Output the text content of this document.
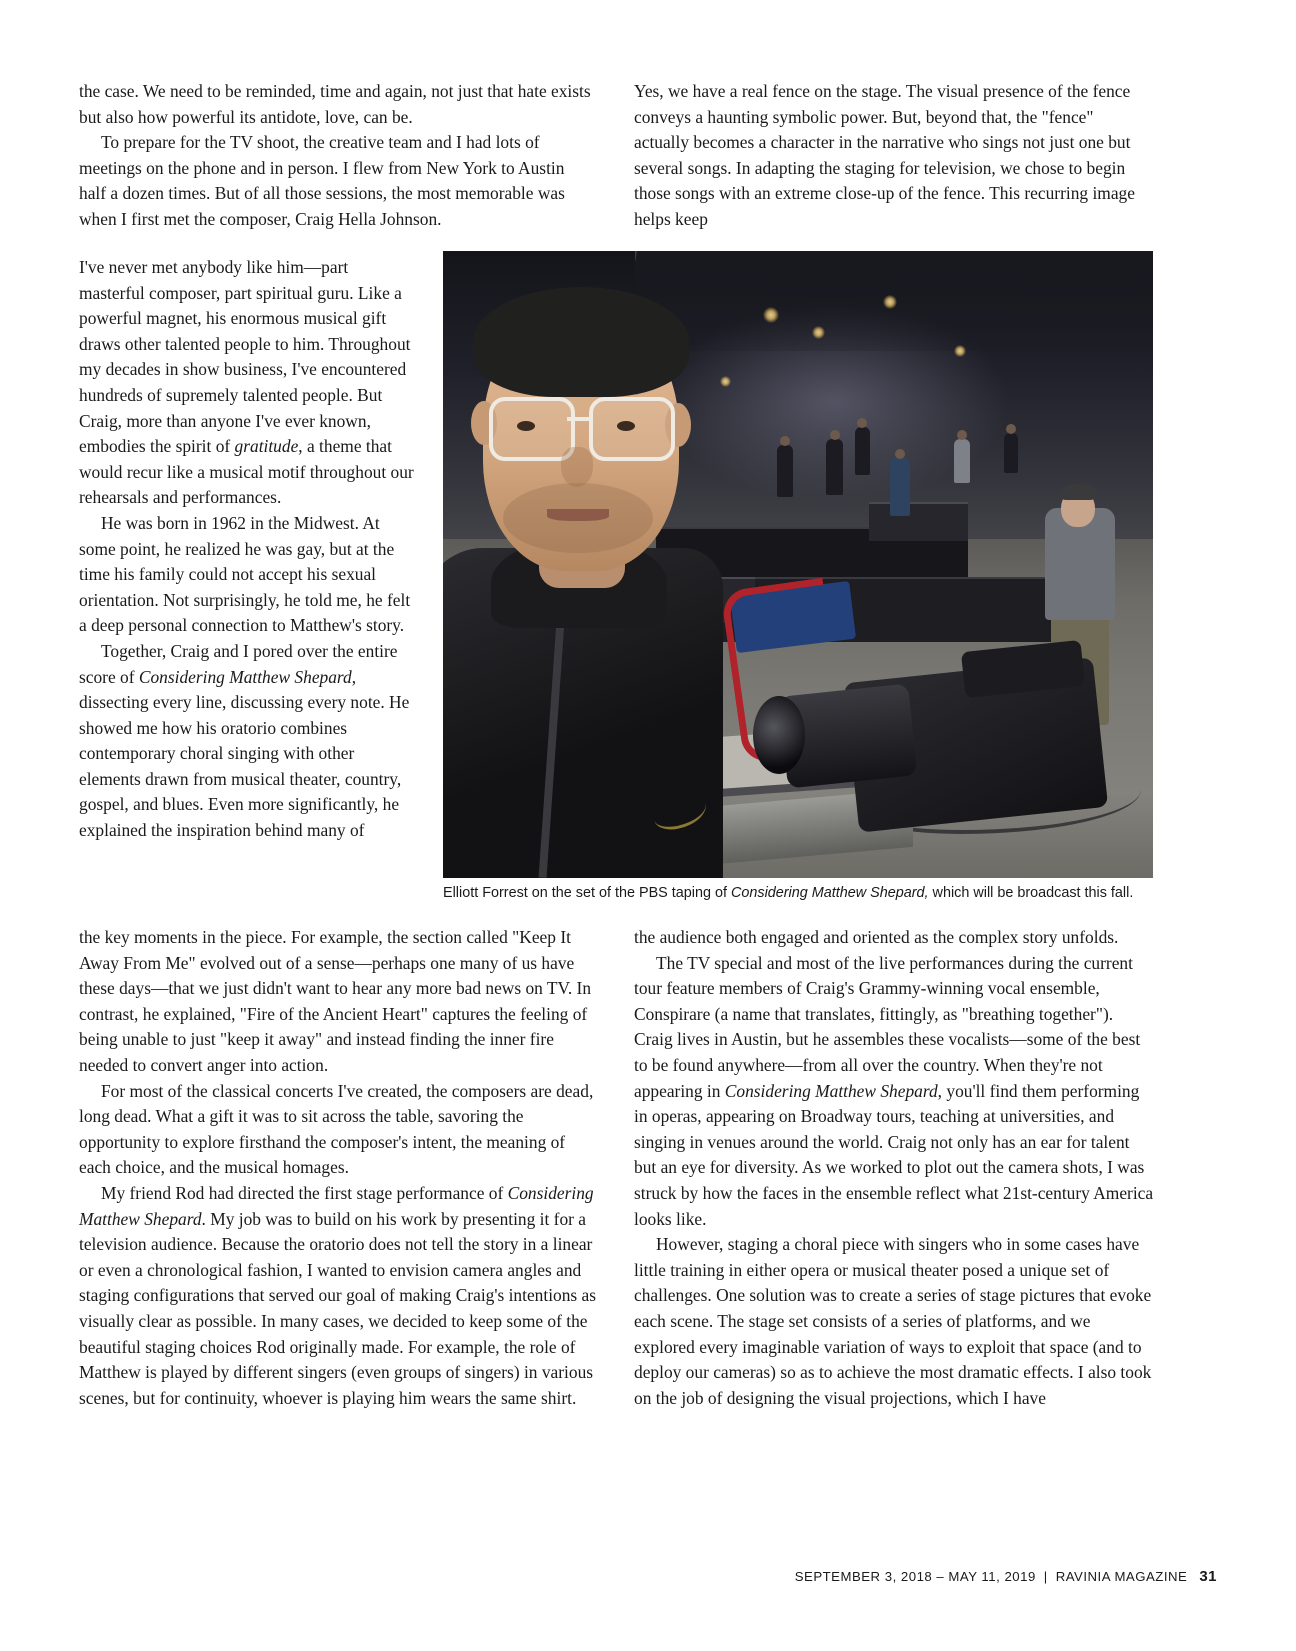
the case. We need to be reminded, time and again, not just that hate exists but also how powerful its antidote, love, can be.

To prepare for the TV shoot, the creative team and I had lots of meetings on the phone and in person. I flew from New York to Austin half a dozen times. But of all those sessions, the most memorable was when I first met the composer, Craig Hella Johnson.

I've never met anybody like him—part masterful composer, part spiritual guru. Like a powerful magnet, his enormous musical gift draws other talented people to him. Throughout my decades in show business, I've encountered hundreds of supremely talented people. But Craig, more than anyone I've ever known, embodies the spirit of gratitude, a theme that would recur like a musical motif throughout our rehearsals and performances.

He was born in 1962 in the Midwest. At some point, he realized he was gay, but at the time his family could not accept his sexual orientation. Not surprisingly, he told me, he felt a deep personal connection to Matthew's story.

Together, Craig and I pored over the entire score of Considering Matthew Shepard, dissecting every line, discussing every note. He showed me how his oratorio combines contemporary choral singing with other elements drawn from musical theater, country, gospel, and blues. Even more significantly, he explained the inspiration behind many of

the key moments in the piece. For example, the section called "Keep It Away From Me" evolved out of a sense—perhaps one many of us have these days—that we just didn't want to hear any more bad news on TV. In contrast, he explained, "Fire of the Ancient Heart" captures the feeling of being unable to just "keep it away" and instead finding the inner fire needed to convert anger into action.

For most of the classical concerts I've created, the composers are dead, long dead. What a gift it was to sit across the table, savoring the opportunity to explore firsthand the composer's intent, the meaning of each choice, and the musical homages.

My friend Rod had directed the first stage performance of Considering Matthew Shepard. My job was to build on his work by presenting it for a television audience. Because the oratorio does not tell the story in a linear or even a chronological fashion, I wanted to envision camera angles and staging configurations that served our goal of making Craig's intentions as visually clear as possible. In many cases, we decided to keep some of the beautiful staging choices Rod originally made. For example, the role of Matthew is played by different singers (even groups of singers) in various scenes, but for continuity, whoever is playing him wears the same shirt.

Yes, we have a real fence on the stage. The visual presence of the fence conveys a haunting symbolic power. But, beyond that, the "fence" actually becomes a character in the narrative who sings not just one but several songs. In adapting the staging for television, we chose to begin those songs with an extreme close-up of the fence. This recurring image helps keep

the audience both engaged and oriented as the complex story unfolds.

The TV special and most of the live performances during the current tour feature members of Craig's Grammy-winning vocal ensemble, Conspirare (a name that translates, fittingly, as "breathing together"). Craig lives in Austin, but he assembles these vocalists—some of the best to be found anywhere—from all over the country. When they're not appearing in Considering Matthew Shepard, you'll find them performing in operas, appearing on Broadway tours, teaching at universities, and singing in venues around the world. Craig not only has an ear for talent but an eye for diversity. As we worked to plot out the camera shots, I was struck by how the faces in the ensemble reflect what 21st-century America looks like.

However, staging a choral piece with singers who in some cases have little training in either opera or musical theater posed a unique set of challenges. One solution was to create a series of stage pictures that evoke each scene. The stage set consists of a series of platforms, and we explored every imaginable variation of ways to exploit that space (and to deploy our cameras) so as to achieve the most dramatic effects. I also took on the job of designing the visual projections, which I have

Elliott Forrest on the set of the PBS taping of Considering Matthew Shepard, which will be broadcast this fall.
SEPTEMBER 3, 2018 – MAY 11, 2019 | RAVINIA MAGAZINE 31
